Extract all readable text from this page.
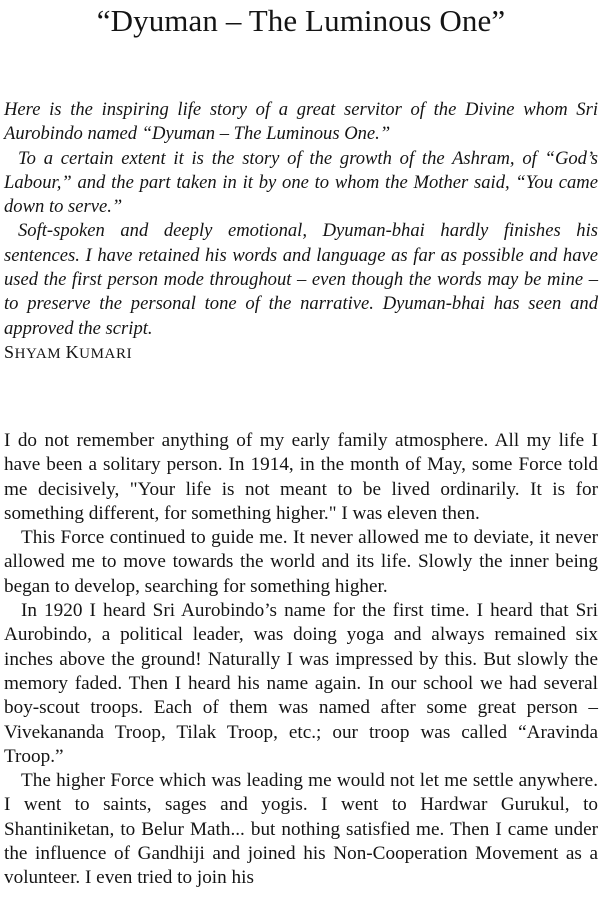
“Dyuman – The Luminous One”

Here is the inspiring life story of a great servitor of the Divine whom Sri Aurobindo named “Dyuman – The Luminous One.”

To a certain extent it is the story of the growth of the Ashram, of “God’s Labour,” and the part taken in it by one to whom the Mother said, “You came down to serve.”

Soft-spoken and deeply emotional, Dyuman-bhai hardly finishes his sentences. I have retained his words and language as far as possible and have used the first person mode throughout – even though the words may be mine – to preserve the personal tone of the narrative. Dyuman-bhai has seen and approved the script.

SHYAM KUMARI

I do not remember anything of my early family atmosphere. All my life I have been a solitary person. In 1914, in the month of May, some Force told me decisively, "Your life is not meant to be lived ordinarily. It is for something different, for something higher." I was eleven then.

This Force continued to guide me. It never allowed me to deviate, it never allowed me to move towards the world and its life. Slowly the inner being began to develop, searching for something higher.

In 1920 I heard Sri Aurobindo’s name for the first time. I heard that Sri Aurobindo, a political leader, was doing yoga and always remained six inches above the ground! Naturally I was impressed by this. But slowly the memory faded. Then I heard his name again. In our school we had several boy-scout troops. Each of them was named after some great person – Vivekananda Troop, Tilak Troop, etc.; our troop was called “Aravinda Troop.”

The higher Force which was leading me would not let me settle anywhere. I went to saints, sages and yogis. I went to Hardwar Gurukul, to Shantiniketan, to Belur Math... but nothing satisfied me. Then I came under the influence of Gandhiji and joined his Non-Cooperation Movement as a volunteer. I even tried to join his
